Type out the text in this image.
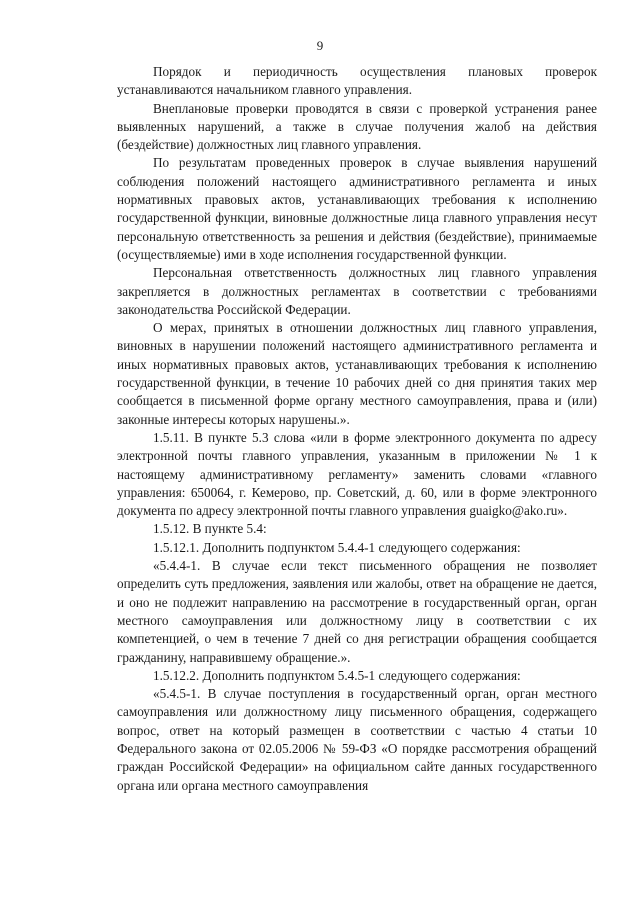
9

Порядок и периодичность осуществления плановых проверок устанавливаются начальником главного управления.

Внеплановые проверки проводятся в связи с проверкой устранения ранее выявленных нарушений, а также в случае получения жалоб на действия (бездействие) должностных лиц главного управления.

По результатам проведенных проверок в случае выявления нарушений соблюдения положений настоящего административного регламента и иных нормативных правовых актов, устанавливающих требования к исполнению государственной функции, виновные должностные лица главного управления несут персональную ответственность за решения и действия (бездействие), принимаемые (осуществляемые) ими в ходе исполнения государственной функции.

Персональная ответственность должностных лиц главного управления закрепляется в должностных регламентах в соответствии с требованиями законодательства Российской Федерации.

О мерах, принятых в отношении должностных лиц главного управления, виновных в нарушении положений настоящего административного регламента и иных нормативных правовых актов, устанавливающих требования к исполнению государственной функции, в течение 10 рабочих дней со дня принятия таких мер сообщается в письменной форме органу местного самоуправления, права и (или) законные интересы которых нарушены.».

1.5.11. В пункте 5.3 слова «или в форме электронного документа по адресу электронной почты главного управления, указанным в приложении № 1 к настоящему административному регламенту» заменить словами «главного управления: 650064, г. Кемерово, пр. Советский, д. 60, или в форме электронного документа по адресу электронной почты главного управления guaigko@ako.ru».

1.5.12. В пункте 5.4:

1.5.12.1. Дополнить подпунктом 5.4.4-1 следующего содержания:

«5.4.4-1. В случае если текст письменного обращения не позволяет определить суть предложения, заявления или жалобы, ответ на обращение не дается, и оно не подлежит направлению на рассмотрение в государственный орган, орган местного самоуправления или должностному лицу в соответствии с их компетенцией, о чем в течение 7 дней со дня регистрации обращения сообщается гражданину, направившему обращение.».

1.5.12.2. Дополнить подпунктом 5.4.5-1 следующего содержания:

«5.4.5-1. В случае поступления в государственный орган, орган местного самоуправления или должностному лицу письменного обращения, содержащего вопрос, ответ на который размещен в соответствии с частью 4 статьи 10 Федерального закона от 02.05.2006 № 59-ФЗ «О порядке рассмотрения обращений граждан Российской Федерации» на официальном сайте данных государственного органа или органа местного самоуправления
